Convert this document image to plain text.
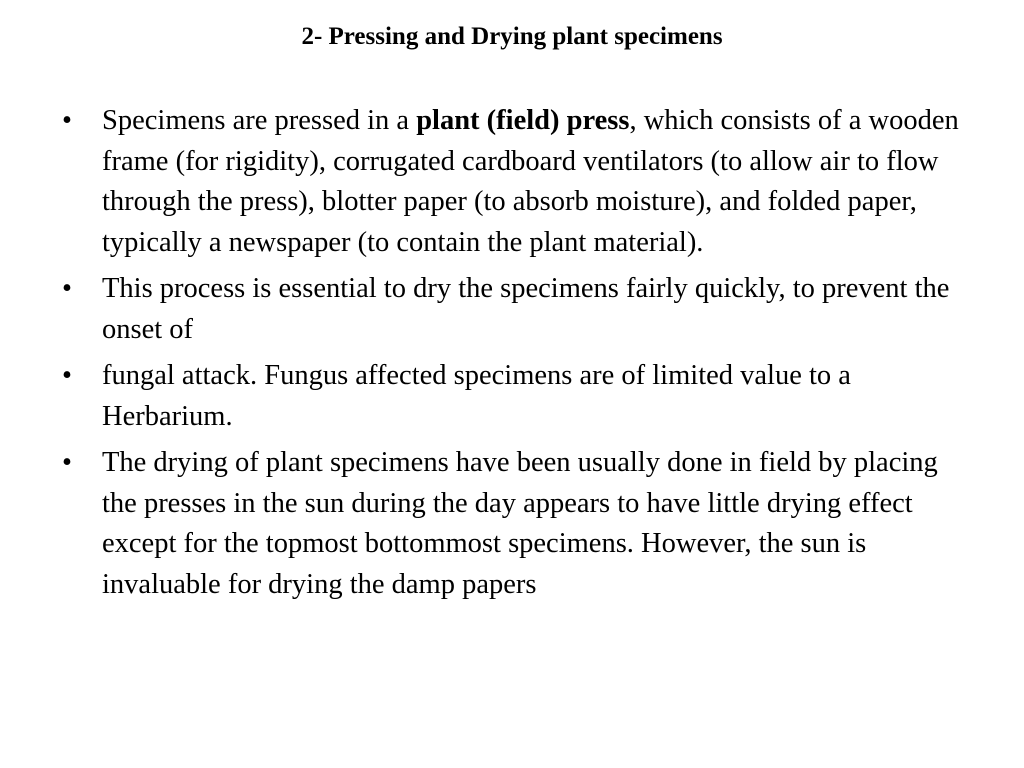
2- Pressing and Drying plant specimens
•	Specimens are pressed in a plant (field) press, which consists of a wooden frame (for rigidity), corrugated cardboard ventilators (to allow air to flow through the press), blotter paper (to absorb moisture), and folded paper, typically a newspaper (to contain the plant material).
•	This process is essential to dry the specimens fairly quickly, to prevent the onset of
•	fungal attack. Fungus affected specimens are of limited value to a Herbarium.
•	The drying of plant specimens have been usually done in field by placing the presses in the sun during the day appears to have little drying effect except for the topmost bottommost specimens. However, the sun is invaluable for drying the damp papers
